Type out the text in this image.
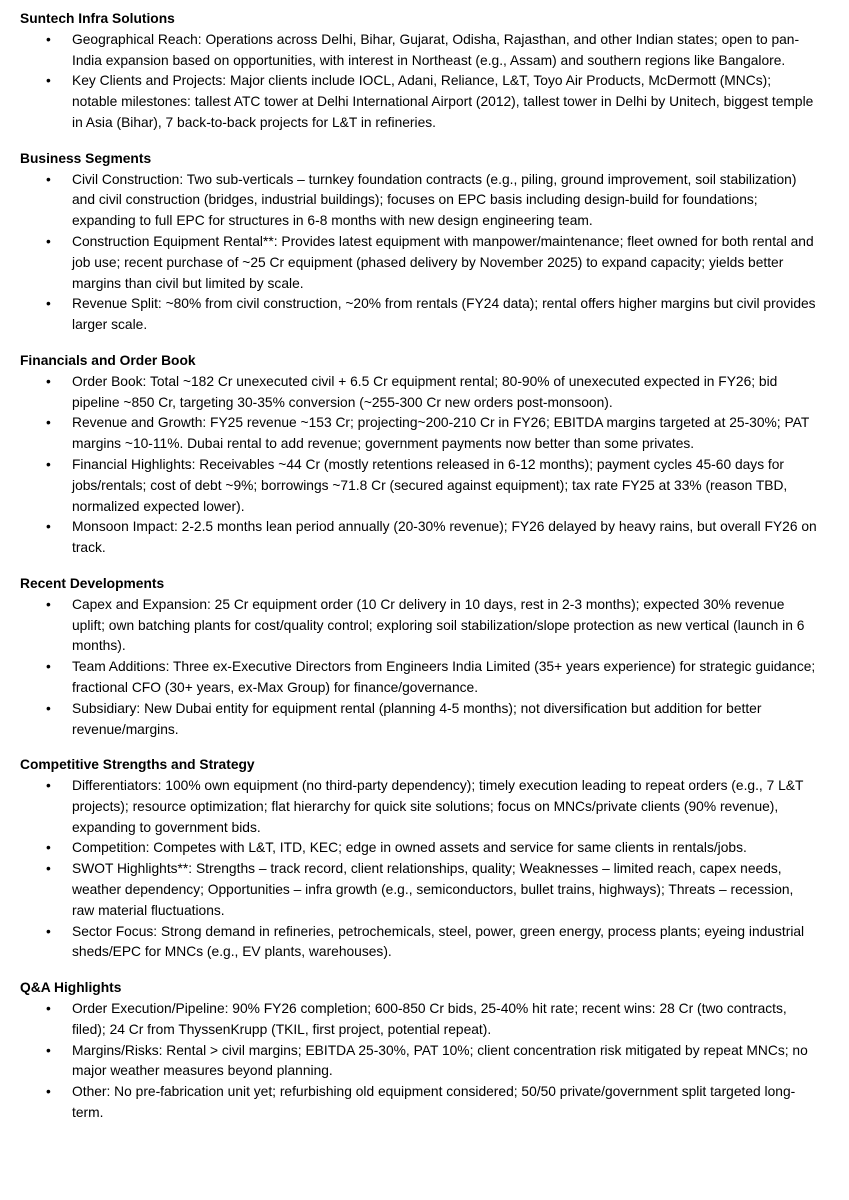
Suntech Infra Solutions

• Geographical Reach: Operations across Delhi, Bihar, Gujarat, Odisha, Rajasthan, and other Indian states; open to pan-India expansion based on opportunities, with interest in Northeast (e.g., Assam) and southern regions like Bangalore.
• Key Clients and Projects: Major clients include IOCL, Adani, Reliance, L&T, Toyo Air Products, McDermott (MNCs); notable milestones: tallest ATC tower at Delhi International Airport (2012), tallest tower in Delhi by Unitech, biggest temple in Asia (Bihar), 7 back-to-back projects for L&T in refineries.

Business Segments

• Civil Construction: Two sub-verticals – turnkey foundation contracts (e.g., piling, ground improvement, soil stabilization) and civil construction (bridges, industrial buildings); focuses on EPC basis including design-build for foundations; expanding to full EPC for structures in 6-8 months with new design engineering team.
• Construction Equipment Rental**: Provides latest equipment with manpower/maintenance; fleet owned for both rental and job use; recent purchase of ~25 Cr equipment (phased delivery by November 2025) to expand capacity; yields better margins than civil but limited by scale.
• Revenue Split: ~80% from civil construction, ~20% from rentals (FY24 data); rental offers higher margins but civil provides larger scale.

Financials and Order Book

• Order Book: Total ~182 Cr unexecuted civil + 6.5 Cr equipment rental; 80-90% of unexecuted expected in FY26; bid pipeline ~850 Cr, targeting 30-35% conversion (~255-300 Cr new orders post-monsoon).
• Revenue and Growth: FY25 revenue ~153 Cr; projecting~200-210 Cr in FY26; EBITDA margins targeted at 25-30%; PAT margins ~10-11%. Dubai rental to add revenue; government payments now better than some privates.
• Financial Highlights: Receivables ~44 Cr (mostly retentions released in 6-12 months); payment cycles 45-60 days for jobs/rentals; cost of debt ~9%; borrowings ~71.8 Cr (secured against equipment); tax rate FY25 at 33% (reason TBD, normalized expected lower).
• Monsoon Impact: 2-2.5 months lean period annually (20-30% revenue); FY26 delayed by heavy rains, but overall FY26 on track.

Recent Developments

• Capex and Expansion: 25 Cr equipment order (10 Cr delivery in 10 days, rest in 2-3 months); expected 30% revenue uplift; own batching plants for cost/quality control; exploring soil stabilization/slope protection as new vertical (launch in 6 months).
• Team Additions: Three ex-Executive Directors from Engineers India Limited (35+ years experience) for strategic guidance; fractional CFO (30+ years, ex-Max Group) for finance/governance.
• Subsidiary: New Dubai entity for equipment rental (planning 4-5 months); not diversification but addition for better revenue/margins.

Competitive Strengths and Strategy

• Differentiators: 100% own equipment (no third-party dependency); timely execution leading to repeat orders (e.g., 7 L&T projects); resource optimization; flat hierarchy for quick site solutions; focus on MNCs/private clients (90% revenue), expanding to government bids.
• Competition: Competes with L&T, ITD, KEC; edge in owned assets and service for same clients in rentals/jobs.
• SWOT Highlights**: Strengths – track record, client relationships, quality; Weaknesses – limited reach, capex needs, weather dependency; Opportunities – infra growth (e.g., semiconductors, bullet trains, highways); Threats – recession, raw material fluctuations.
• Sector Focus: Strong demand in refineries, petrochemicals, steel, power, green energy, process plants; eyeing industrial sheds/EPC for MNCs (e.g., EV plants, warehouses).

Q&A Highlights

• Order Execution/Pipeline: 90% FY26 completion; 600-850 Cr bids, 25-40% hit rate; recent wins: 28 Cr (two contracts, filed); 24 Cr from ThyssenKrupp (TKIL, first project, potential repeat).
• Margins/Risks: Rental > civil margins; EBITDA 25-30%, PAT 10%; client concentration risk mitigated by repeat MNCs; no major weather measures beyond planning.
• Other: No pre-fabrication unit yet; refurbishing old equipment considered; 50/50 private/government split targeted long-term.
